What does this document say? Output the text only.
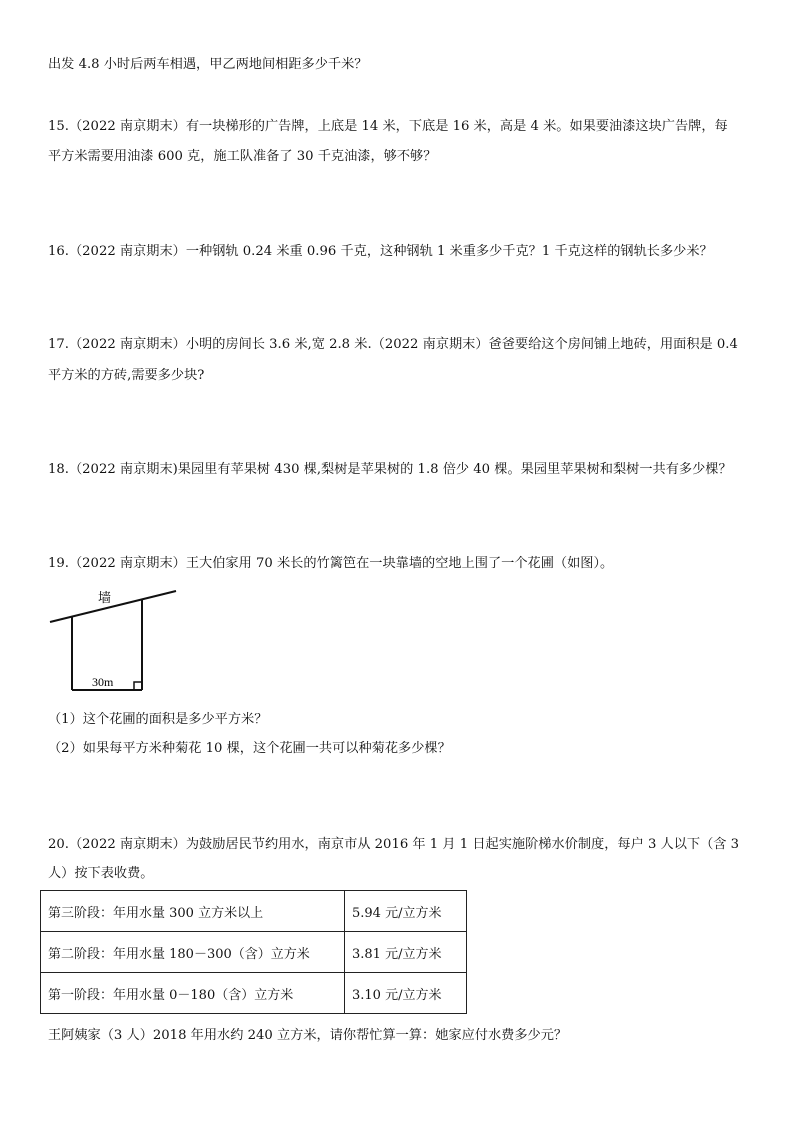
出发 4.8 小时后两车相遇，甲乙两地间相距多少千米？
15.（2022 南京期末）有一块梯形的广告牌，上底是 14 米，下底是 16 米，高是 4 米。如果要油漆这块广告牌，每
平方米需要用油漆 600 克，施工队准备了 30 千克油漆，够不够？
16.（2022 南京期末）一种钢轨 0.24 米重 0.96 千克，这种钢轨 1 米重多少千克？1 千克这样的钢轨长多少米？
17.（2022 南京期末）小明的房间长 3.6 米,宽 2.8 米.（2022 南京期末）爸爸要给这个房间铺上地砖，用面积是 0.4
平方米的方砖,需要多少块?
18.（2022 南京期末)果园里有苹果树 430 棵,梨树是苹果树的 1.8 倍少 40 棵。果园里苹果树和梨树一共有多少棵？
19.（2022 南京期末）王大伯家用 70 米长的竹篱笆在一块靠墙的空地上围了一个花圃（如图）。
墙
30m
（1）这个花圃的面积是多少平方米？
（2）如果每平方米种菊花 10 棵，这个花圃一共可以种菊花多少棵？
20.（2022 南京期末）为鼓励居民节约用水，南京市从 2016 年 1 月 1 日起实施阶梯水价制度，每户 3 人以下（含 3
人）按下表收费。
第三阶段：年用水量 300 立方米以上	5.94 元/立方米
第二阶段：年用水量 180－300（含）立方米	3.81 元/立方米
第一阶段：年用水量 0－180（含）立方米	3.10 元/立方米
王阿姨家（3 人）2018 年用水约 240 立方米，请你帮忙算一算：她家应付水费多少元？
